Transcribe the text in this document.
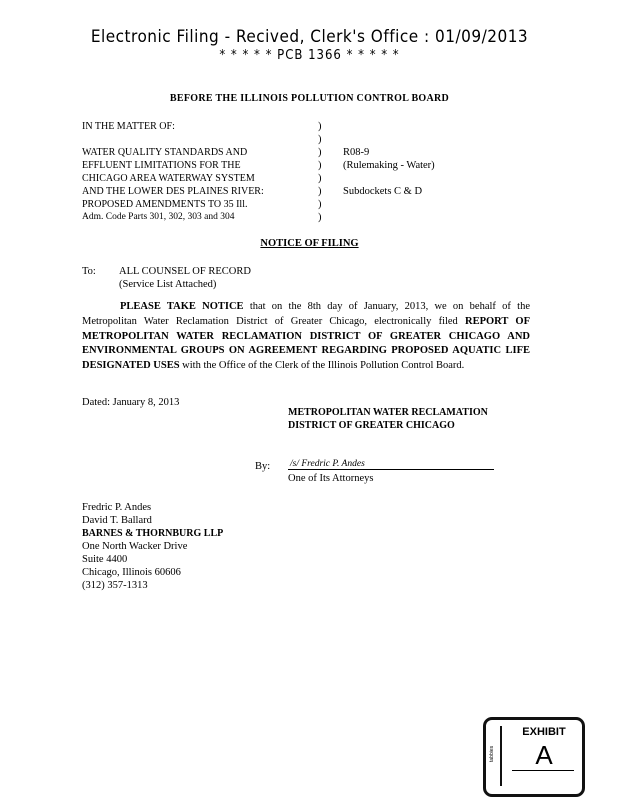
Electronic Filing - Recived, Clerk's Office : 01/09/2013
* * * * * PCB 1366 * * * * *
BEFORE THE ILLINOIS POLLUTION CONTROL BOARD
IN THE MATTER OF:
WATER QUALITY STANDARDS AND
EFFLUENT LIMITATIONS FOR THE
CHICAGO AREA WATERWAY SYSTEM
AND THE LOWER DES PLAINES RIVER:
PROPOSED AMENDMENTS TO 35 Ill.
Adm. Code Parts 301, 302, 303 and 304
)
)
)
)
)
)
)
)
R08-9
(Rulemaking - Water)
Subdockets C & D
NOTICE OF FILING
To: ALL COUNSEL OF RECORD
(Service List Attached)
PLEASE TAKE NOTICE that on the 8th day of January, 2013, we on behalf of the Metropolitan Water Reclamation District of Greater Chicago, electronically filed REPORT OF METROPOLITAN WATER RECLAMATION DISTRICT OF GREATER CHICAGO AND ENVIRONMENTAL GROUPS ON AGREEMENT REGARDING PROPOSED AQUATIC LIFE DESIGNATED USES with the Office of the Clerk of the Illinois Pollution Control Board.
Dated: January 8, 2013
METROPOLITAN WATER RECLAMATION
DISTRICT OF GREATER CHICAGO
By: /s/ Fredric P. Andes
One of Its Attorneys
Fredric P. Andes
David T. Ballard
BARNES & THORNBURG LLP
One North Wacker Drive
Suite 4400
Chicago, Illinois 60606
(312) 357-1313
tabbies
EXHIBIT
A
